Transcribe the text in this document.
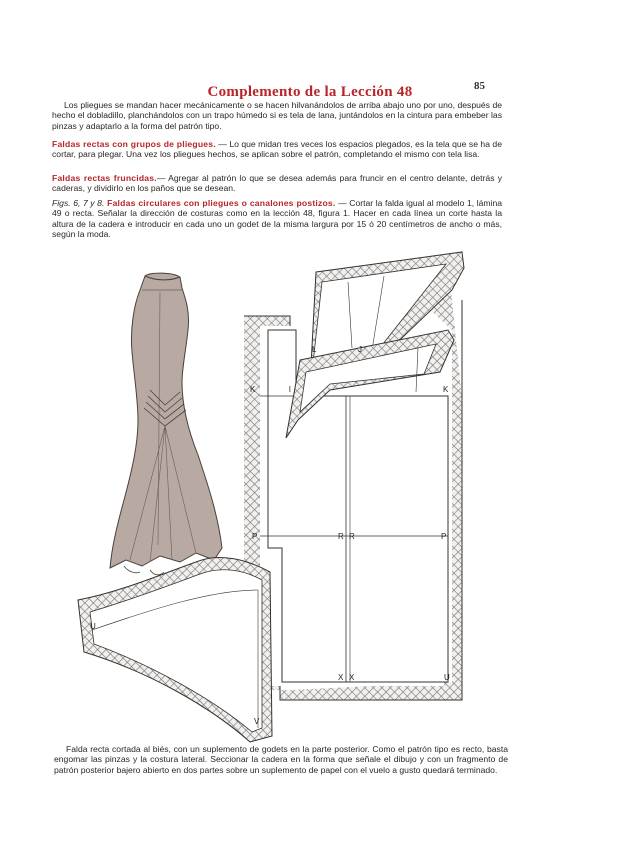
Complemento de la Lección 48	85
Los pliegues se mandan hacer mecánicamente o se hacen hilvanándolos de arriba abajo uno por uno, después de hecho el dobladillo, planchándolos con un trapo húmedo si es tela de lana, juntándolos en la cintura para embeber las pinzas y adaptarlo a la forma del patrón tipo.
Faldas rectas con grupos de pliegues. — Lo que midan tres veces los espacios plegados, es la tela que se ha de cortar, para plegar. Una vez los pliegues hechos, se aplican sobre el patrón, completando el mismo con tela lisa.
Faldas rectas fruncidas.— Agregar al patrón lo que se desea además para fruncir en el centro delante, detrás y caderas, y dividirlo en los paños que se desean.
Figs. 6, 7 y 8. Faldas circulares con pliegues o canalones postizos. — Cortar la falda igual al modelo 1, lámina 49 o recta. Señalar la dirección de costuras como en la lección 48, figura 1. Hacer en cada línea un corte hasta la altura de la cadera e introducir en cada uno un godet de la misma largura por 15 ó 20 centímetros de ancho o más, según la moda.
K	l
L	J
K
P	R R	P
X X	U
U
V
Falda recta cortada al biés, con un suplemento de godets en la parte posterior. Como el patrón tipo es recto, basta engomar las pinzas y la costura lateral. Seccionar la cadera en la forma que señale el dibujo y con un fragmento de patrón posterior bajero abierto en dos partes sobre un suplemento de papel con el vuelo a gusto quedará terminado.
